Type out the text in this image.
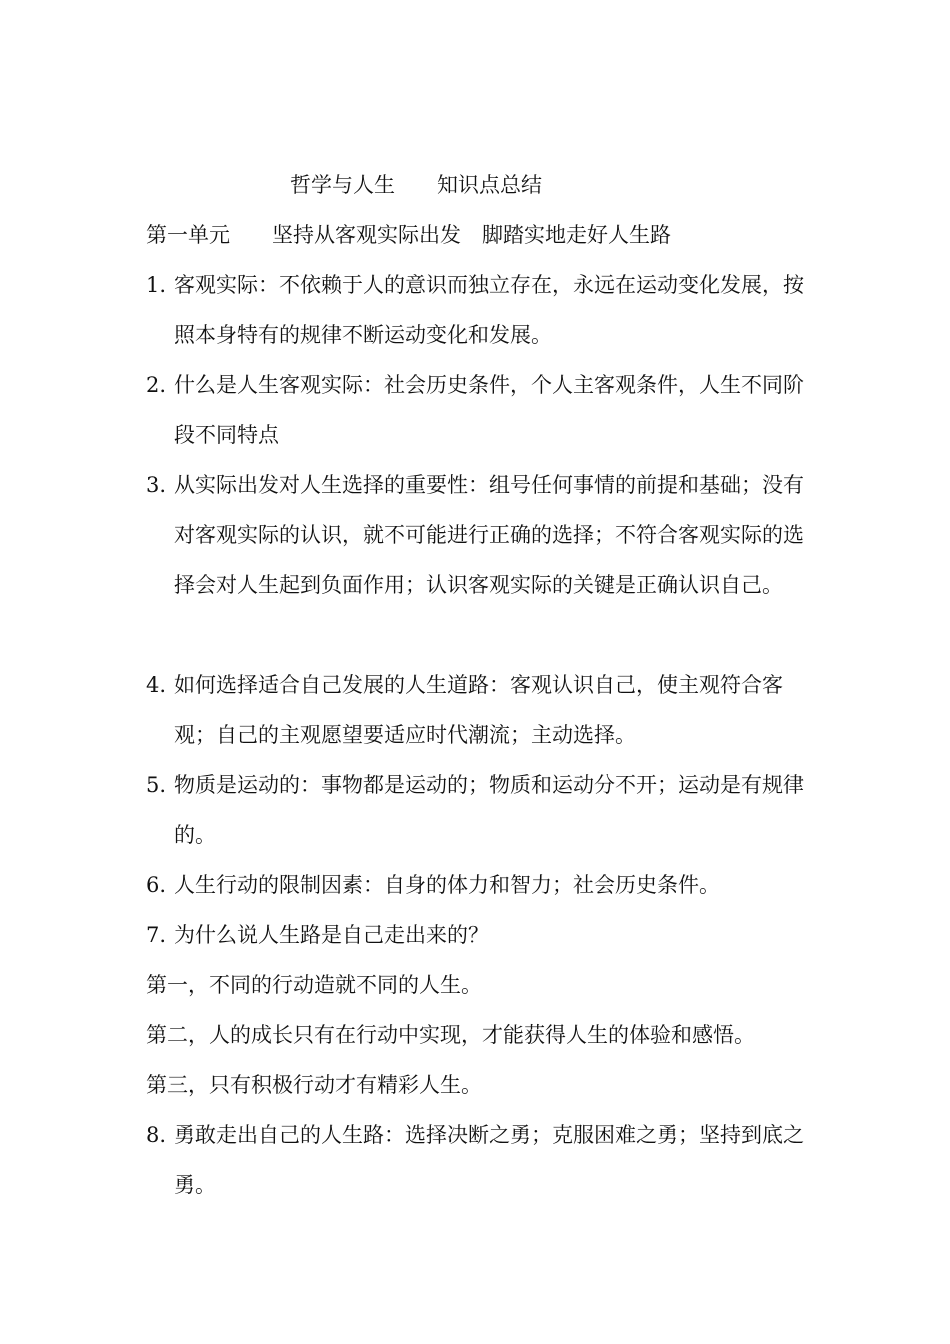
哲学与人生　　知识点总结
第一单元　　坚持从客观实际出发　脚踏实地走好人生路
1. 客观实际：不依赖于人的意识而独立存在，永远在运动变化发展，按照本身特有的规律不断运动变化和发展。
2. 什么是人生客观实际：社会历史条件，个人主客观条件，人生不同阶段不同特点
3. 从实际出发对人生选择的重要性：组号任何事情的前提和基础；没有对客观实际的认识，就不可能进行正确的选择；不符合客观实际的选择会对人生起到负面作用；认识客观实际的关键是正确认识自己。
4. 如何选择适合自己发展的人生道路：客观认识自己，使主观符合客观；自己的主观愿望要适应时代潮流；主动选择。
5. 物质是运动的：事物都是运动的；物质和运动分不开；运动是有规律的。
6. 人生行动的限制因素：自身的体力和智力；社会历史条件。
7. 为什么说人生路是自己走出来的？
第一，不同的行动造就不同的人生。
第二，人的成长只有在行动中实现，才能获得人生的体验和感悟。
第三，只有积极行动才有精彩人生。
8. 勇敢走出自己的人生路：选择决断之勇；克服困难之勇；坚持到底之勇。
